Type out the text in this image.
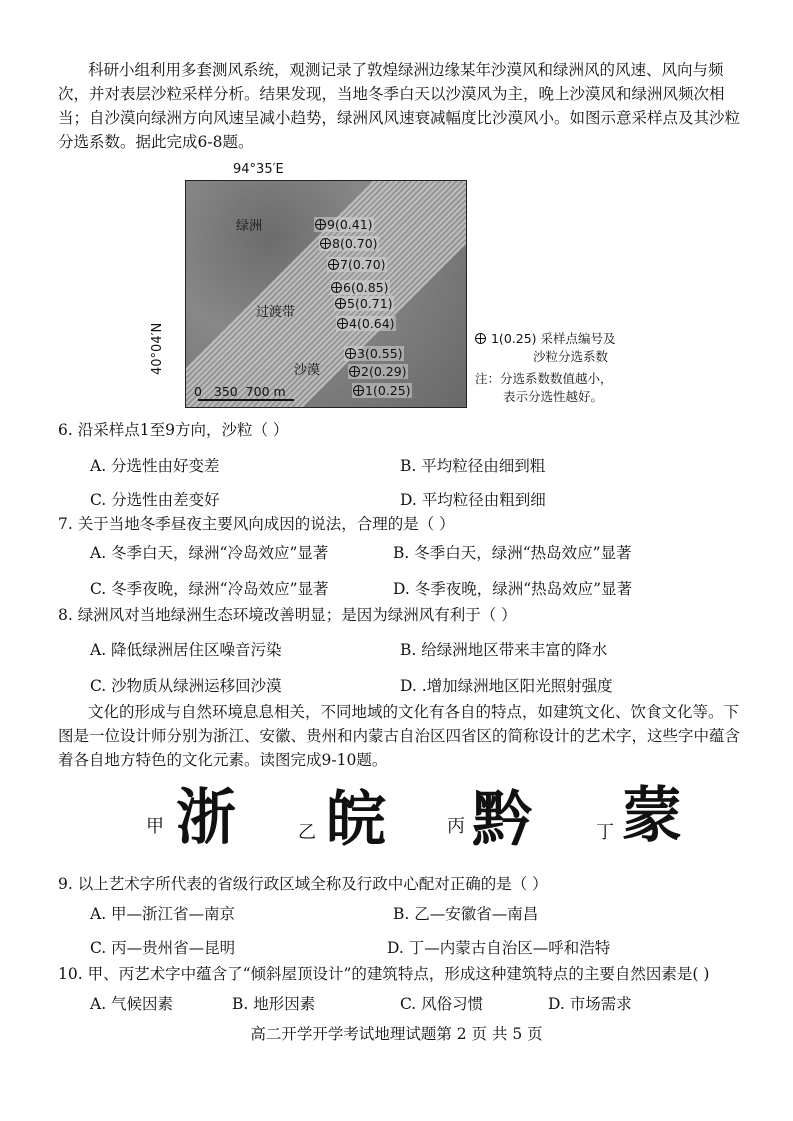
科研小组利用多套测风系统，观测记录了敦煌绿洲边缘某年沙漠风和绿洲风的风速、风向与频次，并对表层沙粒采样分析。结果发现，当地冬季白天以沙漠风为主，晚上沙漠风和绿洲风频次相当；自沙漠向绿洲方向风速呈减小趋势，绿洲风风速衰减幅度比沙漠风小。如图示意采样点及其沙粒分选系数。据此完成6-8题。
94°35′E
40°04′N
绿洲
过渡带
沙漠
9(0.41)
8(0.70)
7(0.70)
6(0.85)
5(0.71)
4(0.64)
3(0.55)
2(0.29)
1(0.25)
0   350  700 m
1(0.25) 采样点编号及
沙粒分选系数
注：分选系数数值越小，
表示分选性越好。
6. 沿采样点1至9方向，沙粒（ ）
A. 分选性由好变差	B. 平均粒径由细到粗
C. 分选性由差变好	D. 平均粒径由粗到细
7. 关于当地冬季昼夜主要风向成因的说法，合理的是（ ）
A. 冬季白天，绿洲“冷岛效应”显著	B. 冬季白天，绿洲“热岛效应”显著
C. 冬季夜晚，绿洲“冷岛效应”显著	D. 冬季夜晚，绿洲“热岛效应”显著
8. 绿洲风对当地绿洲生态环境改善明显；是因为绿洲风有利于（ ）
A. 降低绿洲居住区噪音污染	B. 给绿洲地区带来丰富的降水
C. 沙物质从绿洲运移回沙漠	D. .增加绿洲地区阳光照射强度
文化的形成与自然环境息息相关，不同地域的文化有各自的特点，如建筑文化、饮食文化等。下图是一位设计师分别为浙江、安徽、贵州和内蒙古自治区四省区的简称设计的艺术字，这些字中蕴含着各自地方特色的文化元素。读图完成9-10题。
甲 浙	乙 皖	丙 黔	丁 蒙
9. 以上艺术字所代表的省级行政区域全称及行政中心配对正确的是（ ）
A. 甲—浙江省—南京	B. 乙—安徽省—南昌
C. 丙—贵州省—昆明	D. 丁—内蒙古自治区—呼和浩特
10. 甲、丙艺术字中蕴含了“倾斜屋顶设计”的建筑特点，形成这种建筑特点的主要自然因素是( )
A. 气候因素	B. 地形因素	C. 风俗习惯	D. 市场需求
高二开学开学考试地理试题第 2 页 共 5 页
